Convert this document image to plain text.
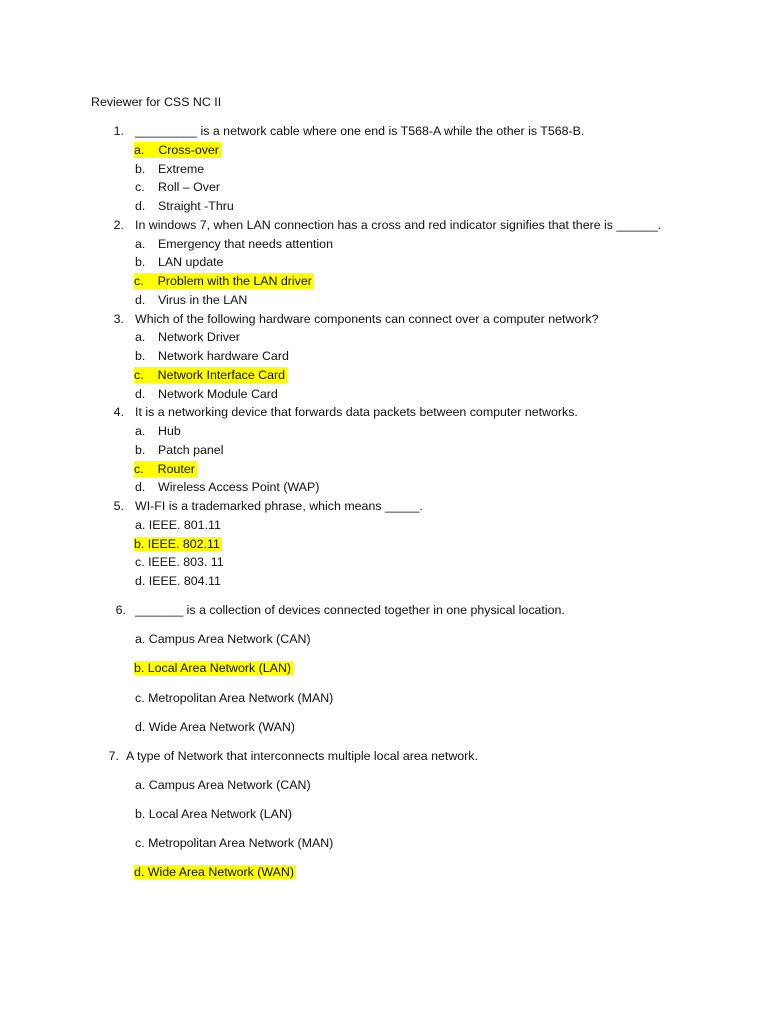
Reviewer for CSS NC II
1. _________ is a network cable where one end is T568-A while the other is T568-B.
a. Cross-over
b. Extreme
c. Roll – Over
d. Straight -Thru
2. In windows 7, when LAN connection has a cross and red indicator signifies that there is ______.
a. Emergency that needs attention
b. LAN update
c. Problem with the LAN driver
d. Virus in the LAN
3. Which of the following hardware components can connect over a computer network?
a. Network Driver
b. Network hardware Card
c. Network Interface Card
d. Network Module Card
4. It is a networking device that forwards data packets between computer networks.
a. Hub
b. Patch panel
c. Router
d. Wireless Access Point (WAP)
5. WI-FI is a trademarked phrase, which means _____.
a. IEEE. 801.11
b. IEEE. 802.11
c. IEEE. 803. 11
d. IEEE. 804.11
6. _______ is a collection of devices connected together in one physical location.
a. Campus Area Network (CAN)
b. Local Area Network (LAN)
c. Metropolitan Area Network (MAN)
d. Wide Area Network (WAN)
7. A type of Network that interconnects multiple local area network.
a. Campus Area Network (CAN)
b. Local Area Network (LAN)
c. Metropolitan Area Network (MAN)
d. Wide Area Network (WAN)
